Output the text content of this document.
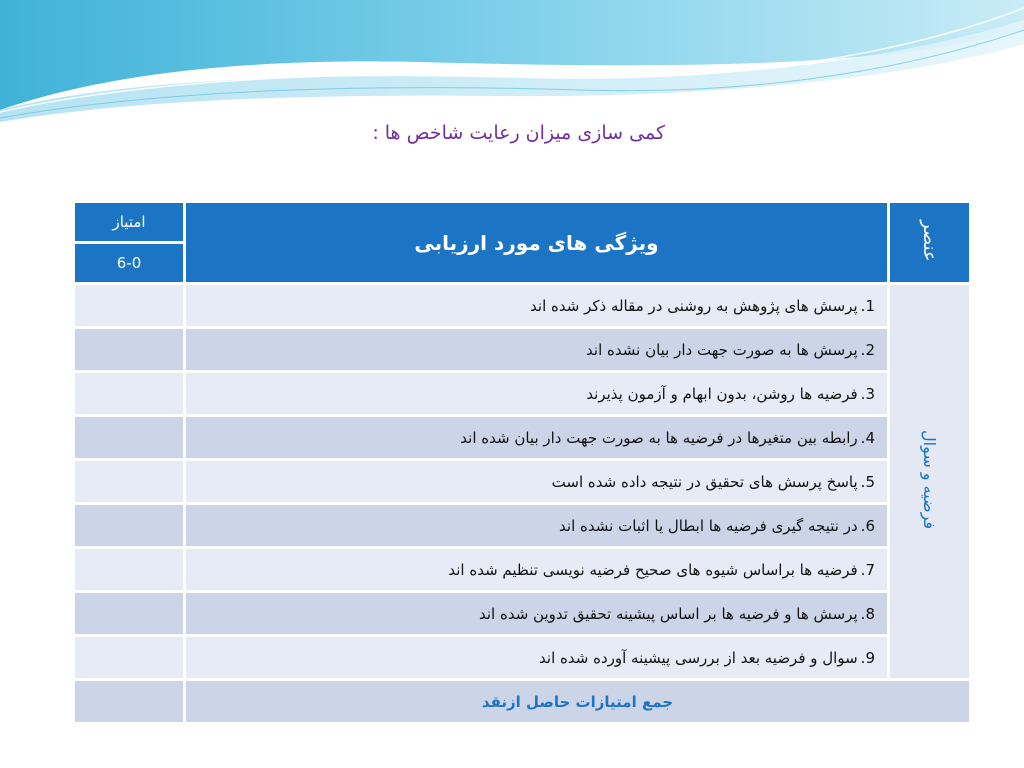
کمی سازی میزان رعایت شاخص ها :
امتیاز	ویژگی های مورد ارزیابی	عنصر
6-0		
	1.پرسش های پژوهش به روشنی در مقاله ذکر شده اند	فرضیه و سوال
	2.پرسش ها به صورت جهت دار بیان نشده اند	
	3.فرضیه ها روشن، بدون ابهام و آزمون پذیرند	
	4.رابطه بین متغیرها در فرضیه ها به صورت جهت دار بیان شده اند	
	5.پاسخ پرسش های تحقیق در نتیجه داده شده است	
	6.در نتیجه گیری فرضیه ها ابطال یا اثبات نشده اند	
	7.فرضیه ها براساس شیوه های صحیح فرضیه نویسی تنظیم شده اند	
	8.پرسش ها و فرضیه ها بر اساس پیشینه تحقیق تدوین شده اند	
	9.سوال و فرضیه بعد از بررسی پیشینه آورده شده اند	
	جمع امتیازات حاصل ازنقد	
